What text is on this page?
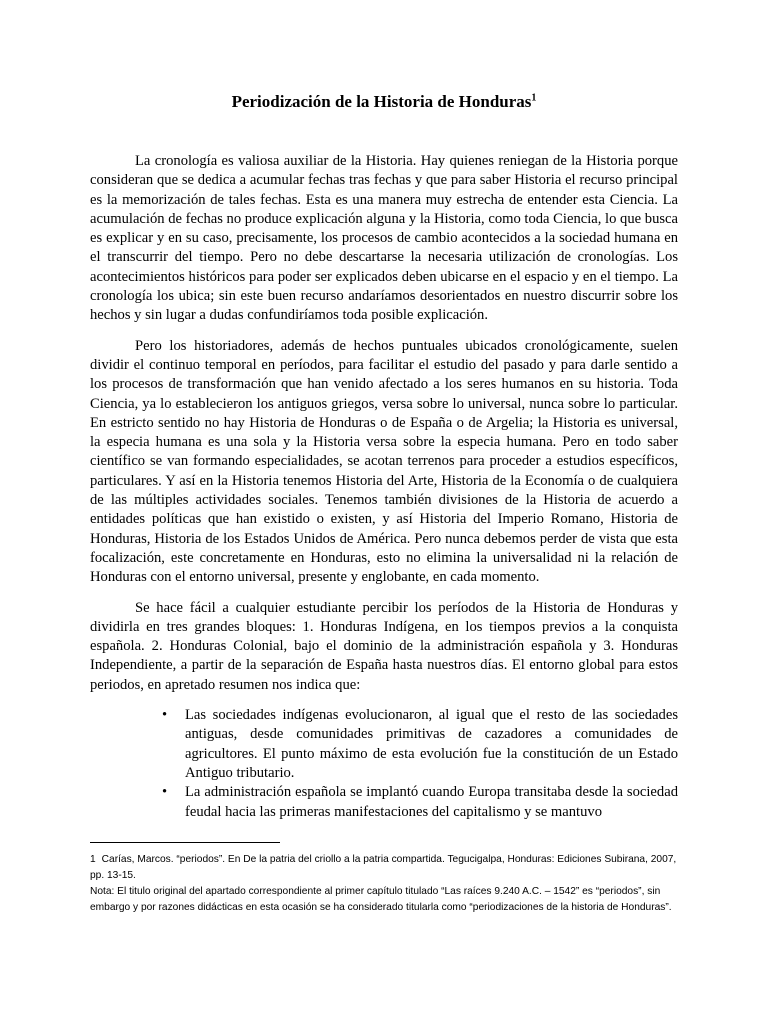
Periodización de la Historia de Honduras$^1$

La cronología es valiosa auxiliar de la Historia. Hay quienes reniegan de la Historia porque consideran que se dedica a acumular fechas tras fechas y que para saber Historia el recurso principal es la memorización de tales fechas. Esta es una manera muy estrecha de entender esta Ciencia. La acumulación de fechas no produce explicación alguna y la Historia, como toda Ciencia, lo que busca es explicar y en su caso, precisamente, los procesos de cambio acontecidos a la sociedad humana en el transcurrir del tiempo. Pero no debe descartarse la necesaria utilización de cronologías. Los acontecimientos históricos para poder ser explicados deben ubicarse en el espacio y en el tiempo. La cronología los ubica; sin este buen recurso andaríamos desorientados en nuestro discurrir sobre los hechos y sin lugar a dudas confundiríamos toda posible explicación.

Pero los historiadores, además de hechos puntuales ubicados cronológicamente, suelen dividir el continuo temporal en períodos, para facilitar el estudio del pasado y para darle sentido a los procesos de transformación que han venido afectado a los seres humanos en su historia. Toda Ciencia, ya lo establecieron los antiguos griegos, versa sobre lo universal, nunca sobre lo particular. En estricto sentido no hay Historia de Honduras o de España o de Argelia; la Historia es universal, la especia humana es una sola y la Historia versa sobre la especia humana. Pero en todo saber científico se van formando especialidades, se acotan terrenos para proceder a estudios específicos, particulares. Y así en la Historia tenemos Historia del Arte, Historia de la Economía o de cualquiera de las múltiples actividades sociales. Tenemos también divisiones de la Historia de acuerdo a entidades políticas que han existido o existen, y así Historia del Imperio Romano, Historia de Honduras, Historia de los Estados Unidos de América. Pero nunca debemos perder de vista que esta focalización, este concretamente en Honduras, esto no elimina la universalidad ni la relación de Honduras con el entorno universal, presente y englobante, en cada momento.

Se hace fácil a cualquier estudiante percibir los períodos de la Historia de Honduras y dividirla en tres grandes bloques: 1. Honduras Indígena, en los tiempos previos a la conquista española. 2. Honduras Colonial, bajo el dominio de la administración española y 3. Honduras Independiente, a partir de la separación de España hasta nuestros días. El entorno global para estos periodos, en apretado resumen nos indica que:

• Las sociedades indígenas evolucionaron, al igual que el resto de las sociedades antiguas, desde comunidades primitivas de cazadores a comunidades de agricultores. El punto máximo de esta evolución fue la constitución de un Estado Antiguo tributario.
• La administración española se implantó cuando Europa transitaba desde la sociedad feudal hacia las primeras manifestaciones del capitalismo y se mantuvo
1 Carías, Marcos. “periodos”. En De la patria del criollo a la patria compartida. Tegucigalpa, Honduras: Ediciones Subirana, 2007, pp. 13-15.
Nota: El titulo original del apartado correspondiente al primer capítulo titulado “Las raíces 9.240 A.C. – 1542” es “periodos”, sin embargo y por razones didácticas en esta ocasión se ha considerado titularla como “periodizaciones de la historia de Honduras”.
